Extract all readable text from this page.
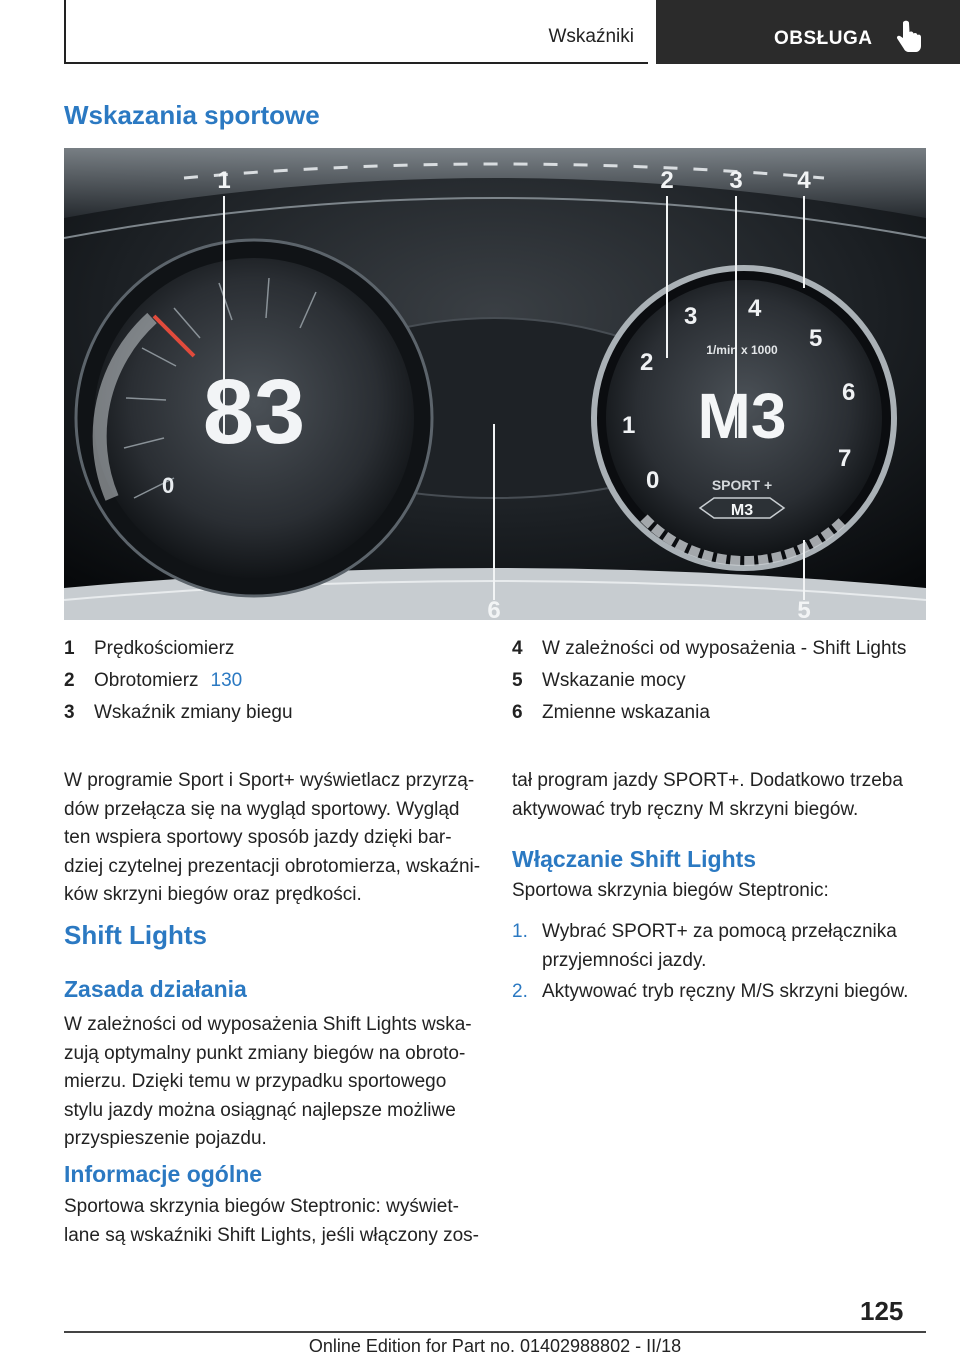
Wskaźniki	OBSŁUGA
Wskazania sportowe
0
83
0
1
2
3 4
5
6
7
1/min x 1000
M3
SPORT +
M3
1	2 3 4
5
6
1 Prędkościomierz
2 Obrotomierz 130
3 Wskaźnik zmiany biegu
4 W zależności od wyposażenia - Shift Lights
5 Wskazanie mocy
6 Zmienne wskazania
W programie Sport i Sport+ wyświetlacz przyrzą‐
dów przełącza się na wygląd sportowy. Wygląd
ten wspiera sportowy sposób jazdy dzięki bar‐
dziej czytelnej prezentacji obrotomierza, wskaźni‐
ków skrzyni biegów oraz prędkości.
Shift Lights
Zasada działania
W zależności od wyposażenia Shift Lights wska‐
zują optymalny punkt zmiany biegów na obroto‐
mierzu. Dzięki temu w przypadku sportowego
stylu jazdy można osiągnąć najlepsze możliwe
przyspieszenie pojazdu.
Informacje ogólne
Sportowa skrzynia biegów Steptronic: wyświet‐
lane są wskaźniki Shift Lights, jeśli włączony zos‐
tał program jazdy SPORT+. Dodatkowo trzeba
aktywować tryb ręczny M skrzyni biegów.
Włączanie Shift Lights
Sportowa skrzynia biegów Steptronic:
1. Wybrać SPORT+ za pomocą przełącznika
przyjemności jazdy.
2. Aktywować tryb ręczny M/S skrzyni biegów.
125
Online Edition for Part no. 01402988802 - II/18
